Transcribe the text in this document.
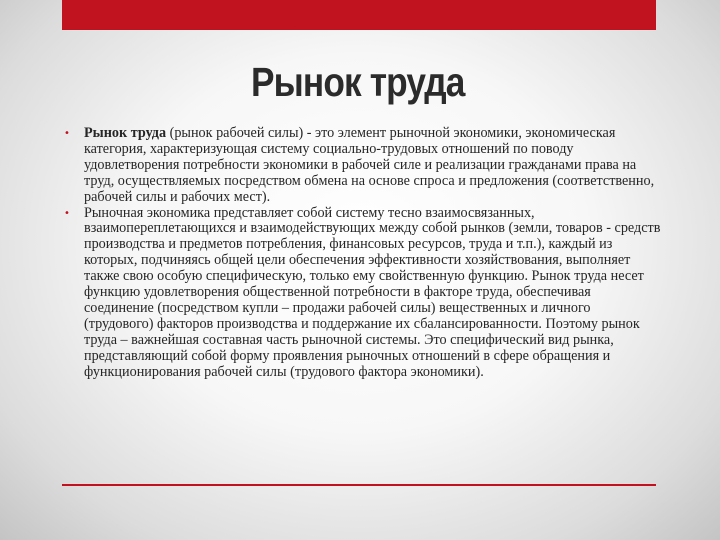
Рынок труда
• Рынок труда (рынок рабочей силы) - это элемент рыночной экономики, экономическая категория, характеризующая систему социально-трудовых отношений по поводу удовлетворения потребности экономики в рабочей силе и реализации гражданами права на труд, осуществляемых посредством обмена на основе спроса и предложения (соответственно, рабочей силы и рабочих мест).
• Рыночная экономика представляет собой систему тесно взаимосвязанных, взаимопереплетающихся и взаимодействующих между собой рынков (земли, товаров - средств производства и предметов потребления, финансовых ресурсов, труда и т.п.), каждый из которых, подчиняясь общей цели обеспечения эффективности хозяйствования, выполняет также свою особую специфическую, только ему свойственную функцию. Рынок труда несет функцию удовлетворения общественной потребности в факторе труда, обеспечивая соединение (посредством купли – продажи рабочей силы) вещественных и личного (трудового) факторов производства и поддержание их сбалансированности. Поэтому рынок труда – важнейшая составная часть рыночной системы. Это специфический вид рынка, представляющий собой форму проявления рыночных отношений в сфере обращения и функционирования рабочей силы (трудового фактора экономики).
